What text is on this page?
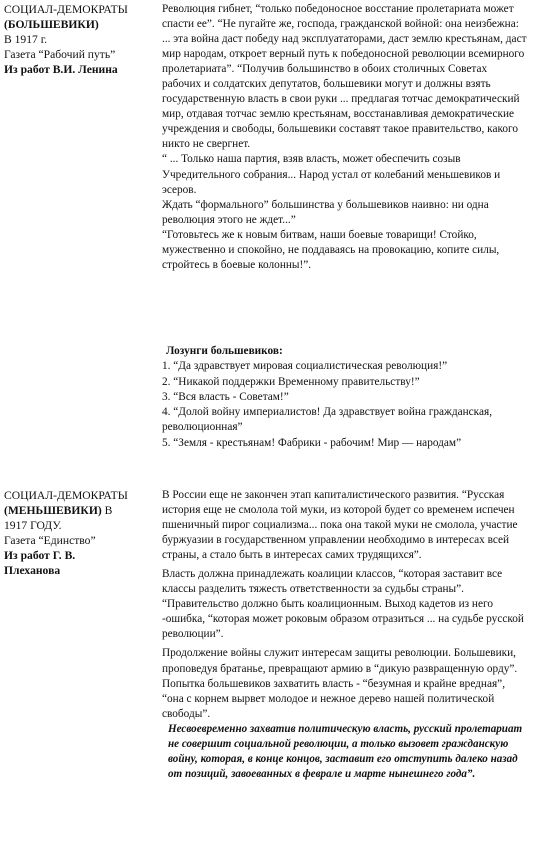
СОЦИАЛ-ДЕМОКРАТЫ
(БОЛЬШЕВИКИ)
В 1917 г.
Газета “Рабочий путь”
Из работ В.И. Ленина

Революция гибнет, “только победоносное восстание пролетариата может спасти ее”. “Не пугайте же, господа, гражданской войной: она неизбежна: ... эта война даст победу над эксплуататорами, даст землю крестьянам, даст мир народам, откроет верный путь к победоносной революции всемирного пролетариата”. “Получив большинство в обоих столичных Советах рабочих и солдатских депутатов, большевики могут и должны взять государственную власть в свои руки ... предлагая тотчас демократический мир, отдавая тотчас землю крестьянам, восстанавливая демократические учреждения и свободы, большевики составят такое правительство, какого никто не свергнет.

“ ... Только наша партия, взяв власть, может обеспечить созыв Учредительного собрания... Народ устал от колебаний меньшевиков и эсеров.

Ждать “формального” большинства у большевиков наивно: ни одна революция этого не ждет...”

“Готовьтесь же к новым битвам, наши боевые товарищи! Стойко, мужественно и спокойно, не поддаваясь на провокацию, копите силы, стройтесь в боевые колонны!”.

Лозунги большевиков:
1. “Да здравствует мировая социалистическая революция!”
2. “Никакой поддержки Временному правительству!”
3. “Вся власть - Советам!”
4. “Долой войну империалистов! Да здравствует война гражданская, революционная”
5. “Земля - крестьянам! Фабрики - рабочим! Мир — народам”
СОЦИАЛ-ДЕМОКРАТЫ
(МЕНЬШЕВИКИ) В
1917 ГОДУ.
Газета “Единство”
Из работ Г. В.
Плеханова

В России еще не закончен этап капиталистического развития. “Русская история еще не смолола той муки, из которой будет со временем испечен пшеничный пирог социализма... пока она такой муки не смолола, участие буржуазии в государственном управлении необходимо в интересах всей страны, а стало быть в интересах самих трудящихся”.

Власть должна принадлежать коалиции классов, “которая заставит все классы разделить тяжесть ответственности за судьбы страны”. “Правительство должно быть коалиционным. Выход кадетов из него -ошибка, “которая может роковым образом отразиться ... на судьбе русской революции”.

Продолжение войны служит интересам защиты революции. Большевики, проповедуя братанье, превращают армию в “дикую развращенную орду”.

Попытка большевиков захватить власть - “безумная и крайне вредная”, “она с корнем вырвет молодое и нежное дерево нашей политической свободы”.

Несвоевременно захватив политическую власть, русский пролетариат не совершит социальной революции, а только вызовет гражданскую войну, которая, в конце концов, заставит его отступить далеко назад от позиций, завоеванных в феврале и марте нынешнего года”.
